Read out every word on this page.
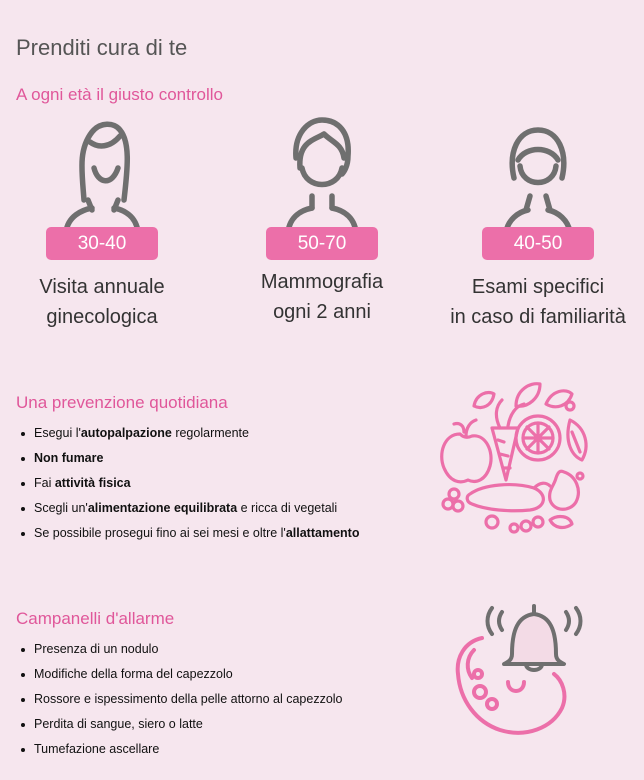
Prenditi cura di te
A ogni età il giusto controllo
30-40
Visita annuale
ginecologica
50-70
Mammografia
ogni 2 anni
40-50
Esami specifici
in caso di familiarità
Una prevenzione quotidiana
Esegui l'autopalpazione regolarmente
Non fumare
Fai attività fisica
Scegli un'alimentazione equilibrata e ricca di vegetali
Se possibile prosegui fino ai sei mesi e oltre l'allattamento
Campanelli d'allarme
Presenza di un nodulo
Modifiche della forma del capezzolo
Rossore e ispessimento della pelle attorno al capezzolo
Perdita di sangue, siero o latte
Tumefazione ascellare
